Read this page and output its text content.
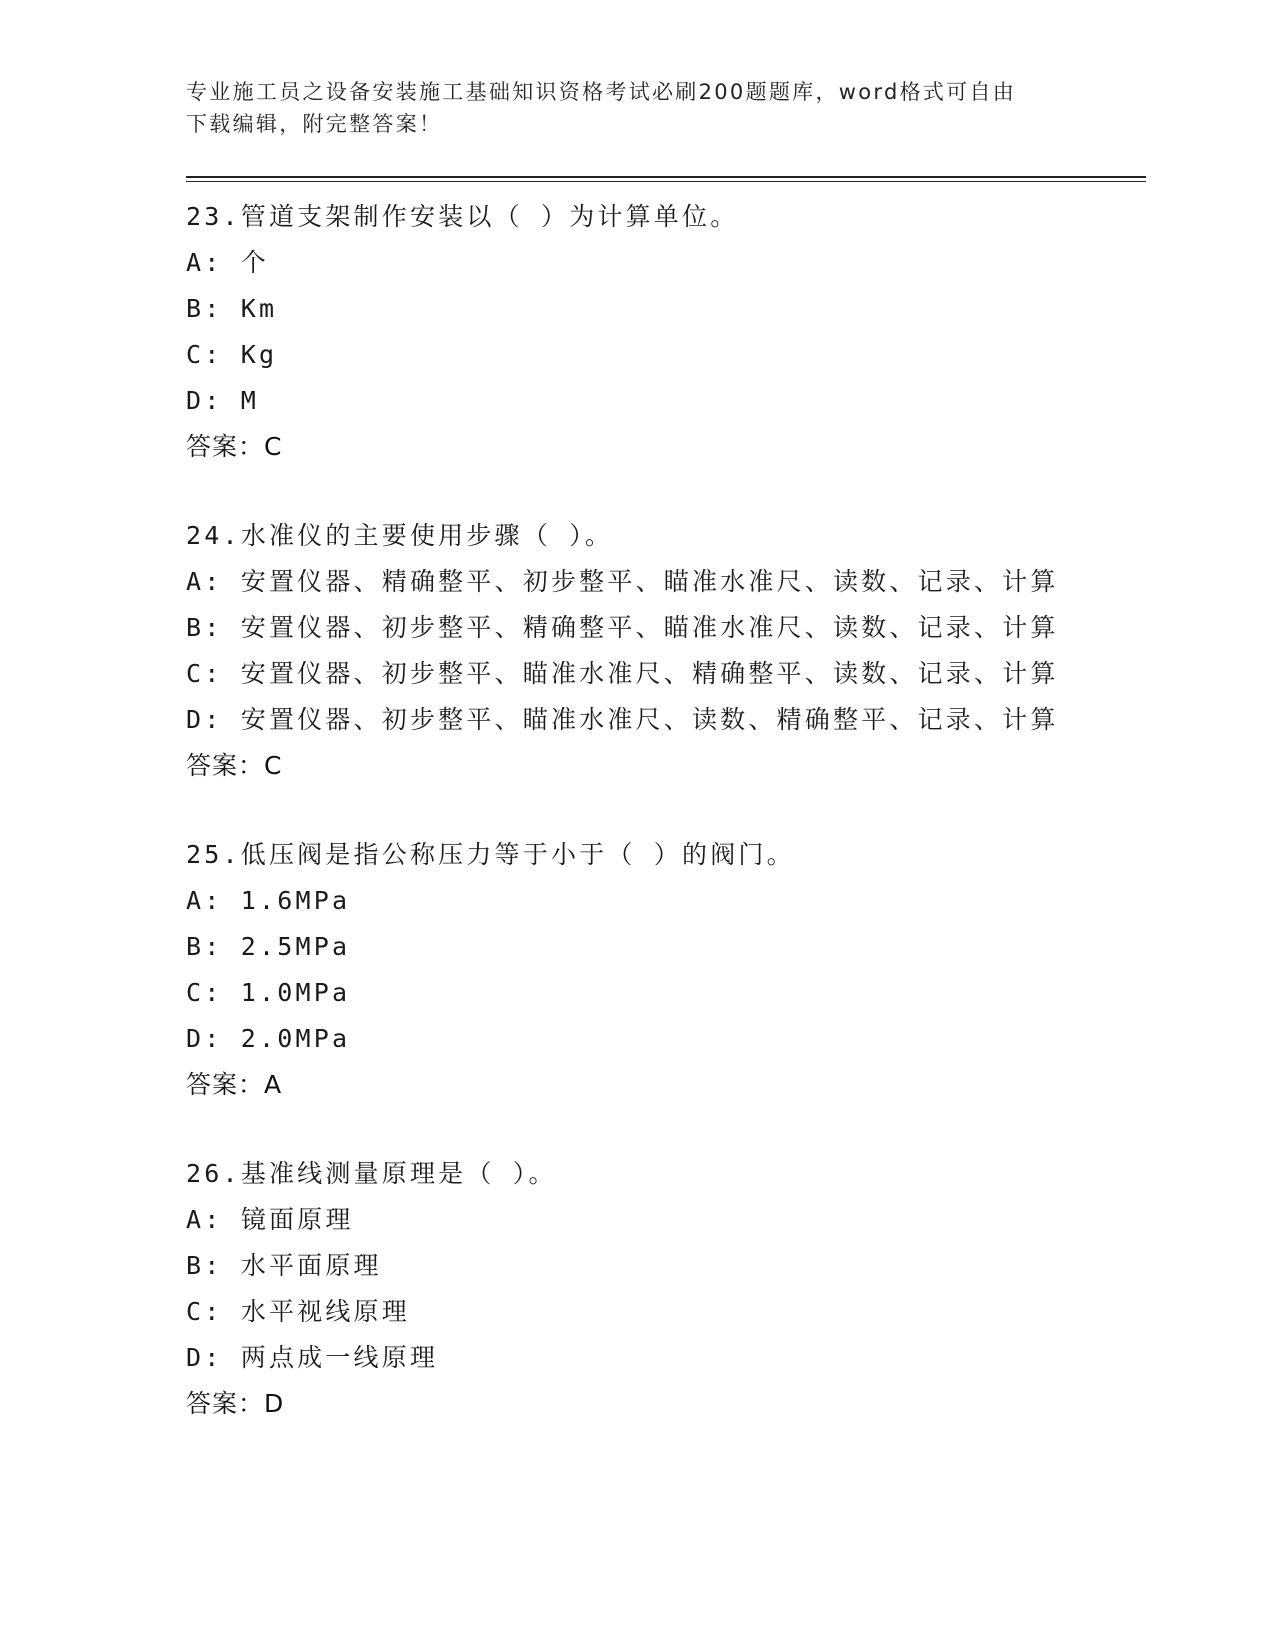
专业施工员之设备安装施工基础知识资格考试必刷200题题库，word格式可自由
下载编辑，附完整答案！
23.管道支架制作安装以（ ）为计算单位。
A: 个
B: Km
C: Kg
D: M
答案：C
24.水准仪的主要使用步骤（ ）。
A: 安置仪器、精确整平、初步整平、瞄准水准尺、读数、记录、计算
B: 安置仪器、初步整平、精确整平、瞄准水准尺、读数、记录、计算
C: 安置仪器、初步整平、瞄准水准尺、精确整平、读数、记录、计算
D: 安置仪器、初步整平、瞄准水准尺、读数、精确整平、记录、计算
答案：C
25.低压阀是指公称压力等于小于（ ）的阀门。
A: 1.6MPa
B: 2.5MPa
C: 1.0MPa
D: 2.0MPa
答案：A
26.基准线测量原理是（ ）。
A: 镜面原理
B: 水平面原理
C: 水平视线原理
D: 两点成一线原理
答案：D
